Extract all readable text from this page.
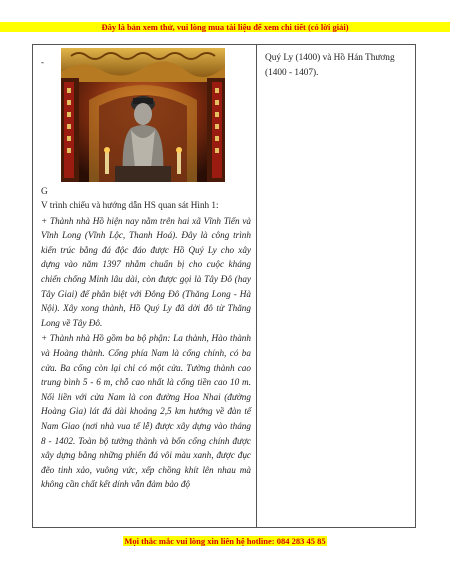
Đây là bản xem thử, vui lòng mua tài liệu để xem chi tiết (có lời giải)
-
G

V trình chiếu và hướng dẫn HS quan sát Hình 1:

+ Thành nhà Hồ hiện nay nằm trên hai xã Vĩnh Tiến và Vĩnh Long (Vĩnh Lộc, Thanh Hoá). Đây là công trình kiến trúc bằng đá độc đáo được Hồ Quý Ly cho xây dựng vào năm 1397 nhằm chuẩn bị cho cuộc kháng chiến chống Minh lâu dài, còn được gọi là Tây Đô (hay Tây Giai) để phân biệt với Đông Đô (Thăng Long - Hà Nội). Xây xong thành, Hồ Quý Ly đã dời đô từ Thăng Long về Tây Đô.

+ Thành nhà Hồ gồm ba bộ phận: La thành, Hào thành và Hoàng thành. Cổng phía Nam là cổng chính, có ba cửa. Ba cổng còn lại chỉ có một cửa. Tường thành cao trung bình 5 - 6 m, chỗ cao nhất là cổng tiền cao 10 m. Nối liền với cửa Nam là con đường Hoa Nhai (đường Hoàng Gia) lát đá dài khoảng 2,5 km hướng về đàn tế Nam Giao (nơi nhà vua tế lễ) được xây dựng vào tháng 8 - 1402. Toàn bộ tường thành và bốn cổng chính được xây dựng bằng những phiến đá vôi màu xanh, được đục đẽo tinh xảo, vuông vức, xếp chồng khít lên nhau mà không cần chất kết dính vẫn đảm bảo độ

Quý Ly (1400) và Hồ Hán Thương (1400 - 1407).

Mọi thắc mắc vui lòng xin liên hệ hotline: 084 283 45 85
